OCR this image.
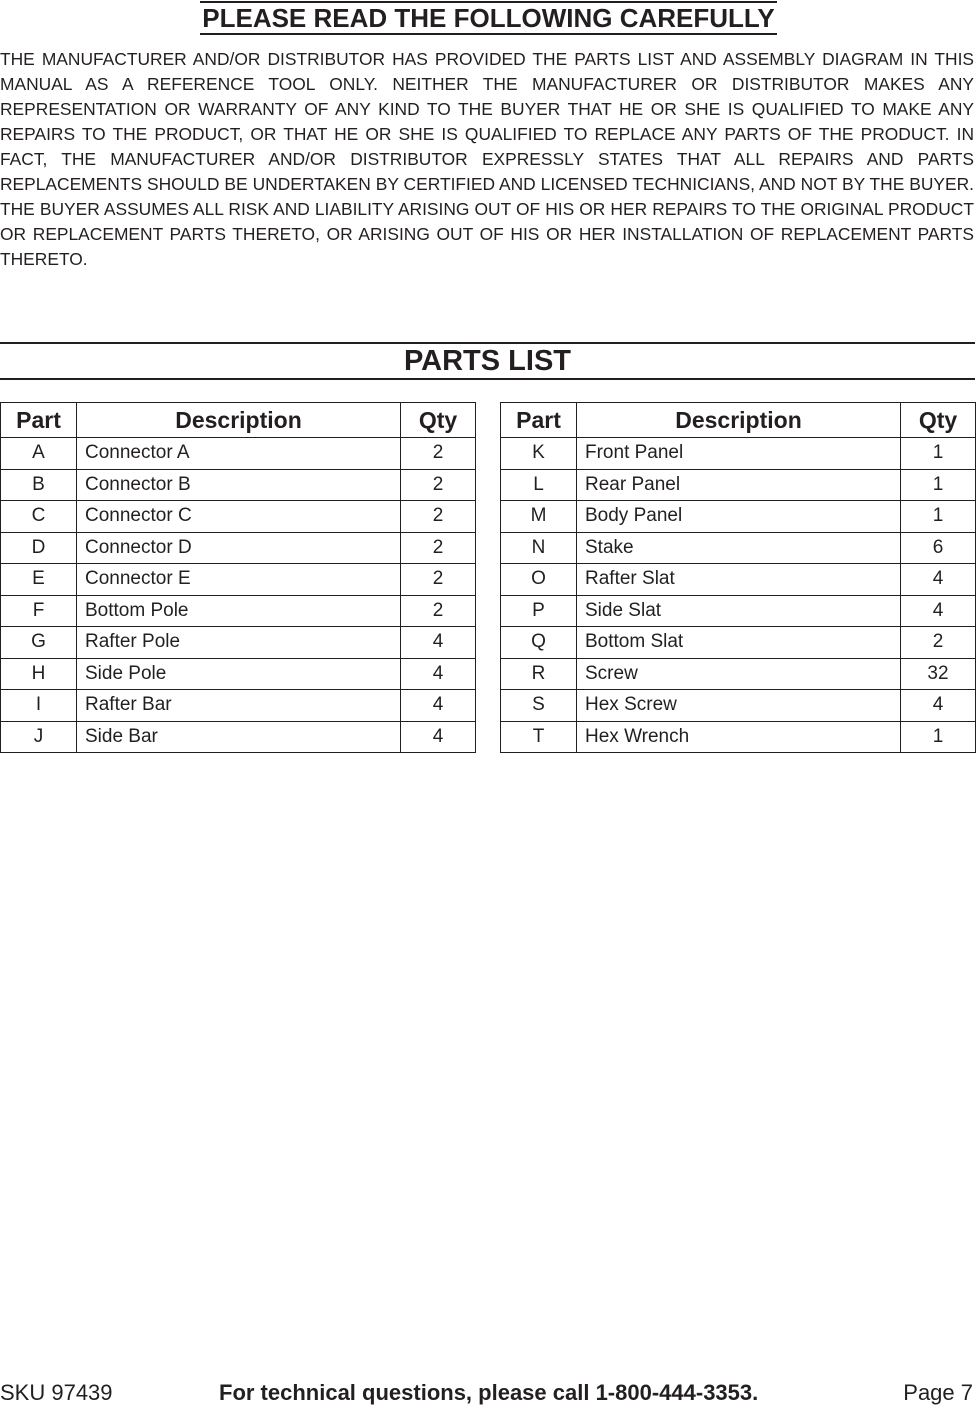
PLEASE READ THE FOLLOWING CAREFULLY

THE MANUFACTURER AND/OR DISTRIBUTOR HAS PROVIDED THE PARTS LIST AND ASSEMBLY DIAGRAM IN THIS MANUAL AS A REFERENCE TOOL ONLY. NEITHER THE MANUFACTURER OR DISTRIBUTOR MAKES ANY REPRESENTATION OR WARRANTY OF ANY KIND TO THE BUYER THAT HE OR SHE IS QUALIFIED TO MAKE ANY REPAIRS TO THE PRODUCT, OR THAT HE OR SHE IS QUALIFIED TO REPLACE ANY PARTS OF THE PRODUCT. IN FACT, THE MANUFACTURER AND/OR DISTRIBUTOR EXPRESSLY STATES THAT ALL REPAIRS AND PARTS REPLACEMENTS SHOULD BE UNDERTAKEN BY CERTIFIED AND LICENSED TECHNICIANS, AND NOT BY THE BUYER. THE BUYER ASSUMES ALL RISK AND LIABILITY ARISING OUT OF HIS OR HER REPAIRS TO THE ORIGINAL PRODUCT OR REPLACEMENT PARTS THERETO, OR ARISING OUT OF HIS OR HER INSTALLATION OF REPLACEMENT PARTS THERETO.

PARTS LIST
Part	Description	Qty
A	Connector A	2
B	Connector B	2
C	Connector C	2
D	Connector D	2
E	Connector E	2
F	Bottom Pole	2
G	Rafter Pole	4
H	Side Pole	4
I	Rafter Bar	4
J	Side Bar	4
Part	Description	Qty
K	Front Panel	1
L	Rear Panel	1
M	Body Panel	1
N	Stake	6
O	Rafter Slat	4
P	Side Slat	4
Q	Bottom Slat	2
R	Screw	32
S	Hex Screw	4
T	Hex Wrench	1
SKU 97439	For technical questions, please call 1-800-444-3353.	Page 7
